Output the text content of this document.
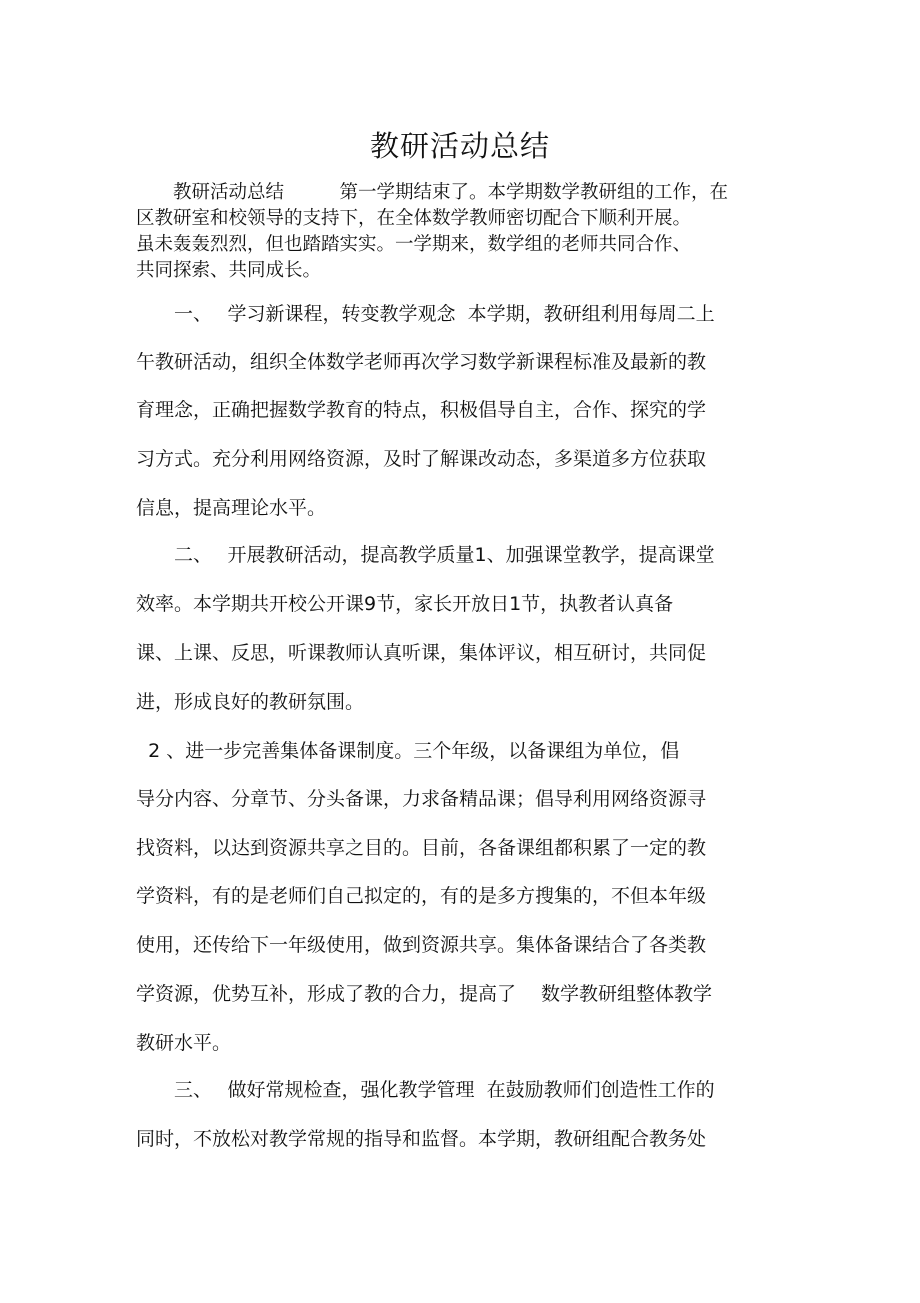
教研活动总结
　　教研活动总结　　　第一学期结束了。本学期数学教研组的工作，在
区教研室和校领导的支持下，在全体数学教师密切配合下顺利开展。
虽未轰轰烈烈，但也踏踏实实。一学期来，数学组的老师共同合作、
共同探索、共同成长。
　　一、　 学习新课程，转变教学观念  本学期，教研组利用每周二上
午教研活动，组织全体数学老师再次学习数学新课程标准及最新的教
育理念，正确把握数学教育的特点，积极倡导自主，合作、探究的学
习方式。充分利用网络资源，及时了解课改动态，多渠道多方位获取
信息，提高理论水平。
　　二、　 开展教研活动，提高教学质量1、加强课堂教学，提高课堂
效率。本学期共开校公开课9节，家长开放日1节，执教者认真备
课、上课、反思，听课教师认真听课，集体评议，相互研讨，共同促
进，形成良好的教研氛围。
2 、进一步完善集体备课制度。三个年级，以备课组为单位，倡
导分内容、分章节、分头备课，力求备精品课；倡导利用网络资源寻
找资料，以达到资源共享之目的。目前，各备课组都积累了一定的教
学资料，有的是老师们自己拟定的，有的是多方搜集的，不但本年级
使用，还传给下一年级使用，做到资源共享。集体备课结合了各类教
学资源，优势互补，形成了教的合力，提高了　 数学教研组整体教学
教研水平。
　　三、　 做好常规检查，强化教学管理  在鼓励教师们创造性工作的
同时，不放松对教学常规的指导和监督。本学期，教研组配合教务处
